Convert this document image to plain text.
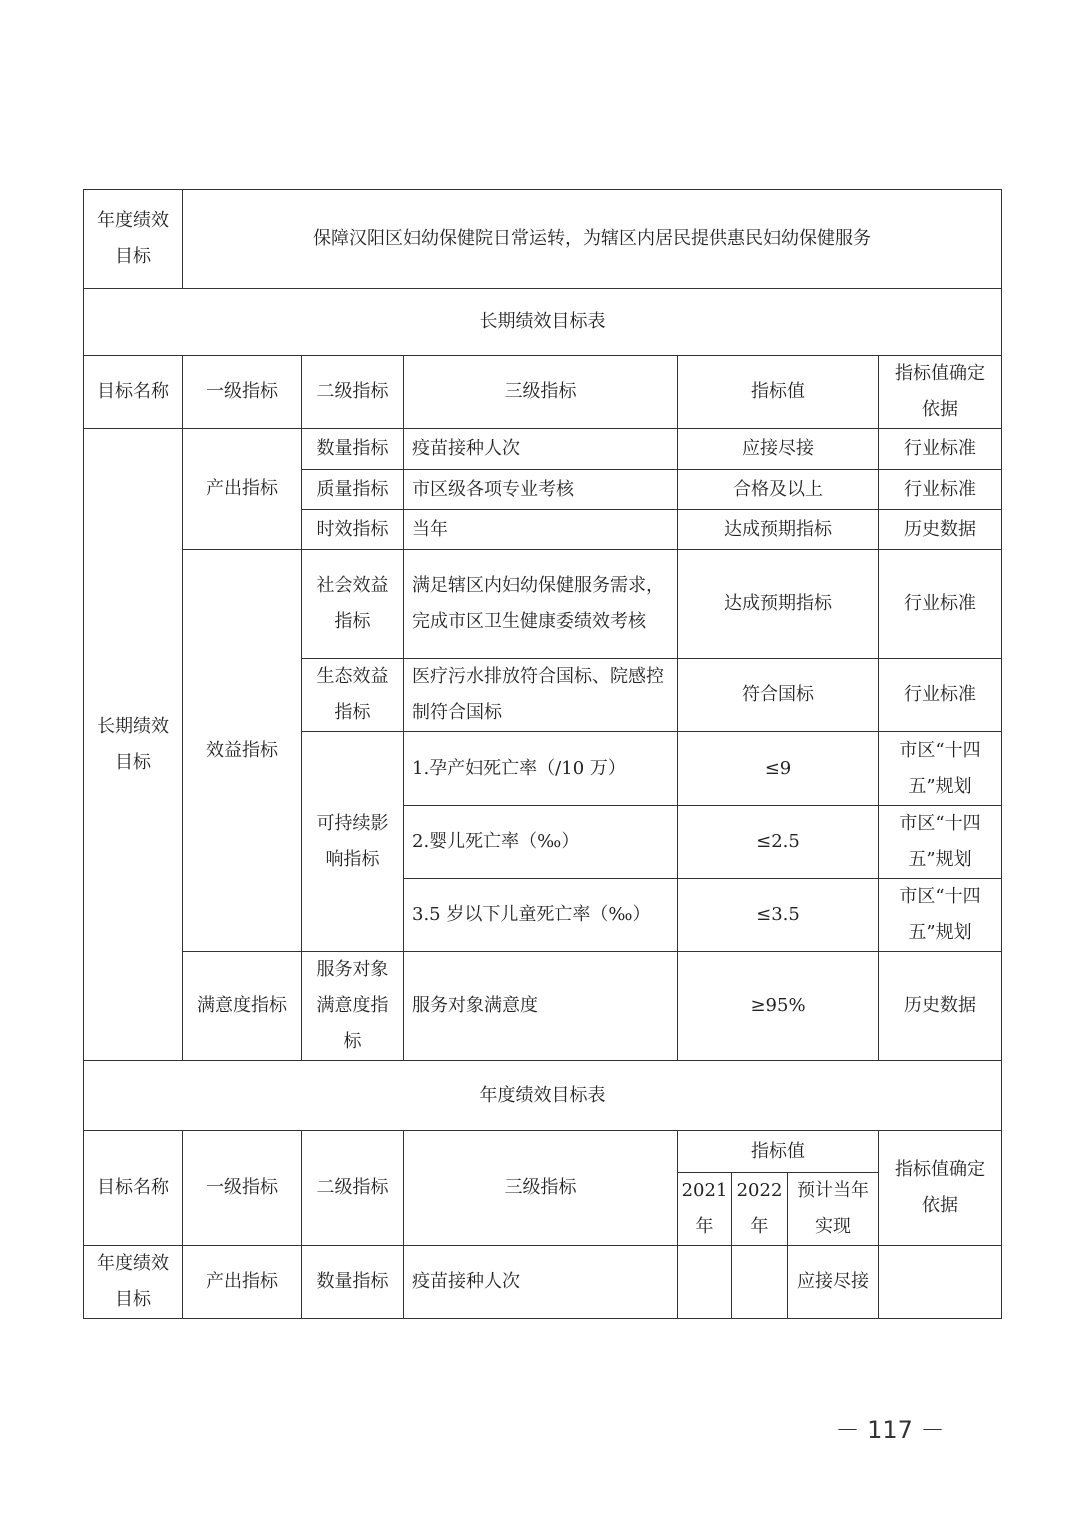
年度绩效目标	保障汉阳区妇幼保健院日常运转，为辖区内居民提供惠民妇幼保健服务						
长期绩效目标表							
目标名称	一级指标	二级指标	三级指标	指标值			指标值确定依据
长期绩效目标	产出指标	数量指标	疫苗接种人次	应接尽接			行业标准
		质量指标	市区级各项专业考核	合格及以上			行业标准
		时效指标	当年	达成预期指标			历史数据
	效益指标	社会效益指标	满足辖区内妇幼保健服务需求，完成市区卫生健康委绩效考核	达成预期指标			行业标准
		生态效益指标	医疗污水排放符合国标、院感控制符合国标	符合国标			行业标准
		可持续影响指标	1.孕产妇死亡率（/10 万）	≤9			市区“十四五”规划
			2.婴儿死亡率（‰）	≤2.5			市区“十四五”规划
			3.5 岁以下儿童死亡率（‰）	≤3.5			市区“十四五”规划
	满意度指标	服务对象满意度指标	服务对象满意度	≥95%			历史数据
年度绩效目标表							
目标名称	一级指标	二级指标	三级指标	指标值			指标值确定依据
				2021年	2022年	预计当年实现	
年度绩效目标	产出指标	数量指标	疫苗接种人次			应接尽接	
－ 117 －
